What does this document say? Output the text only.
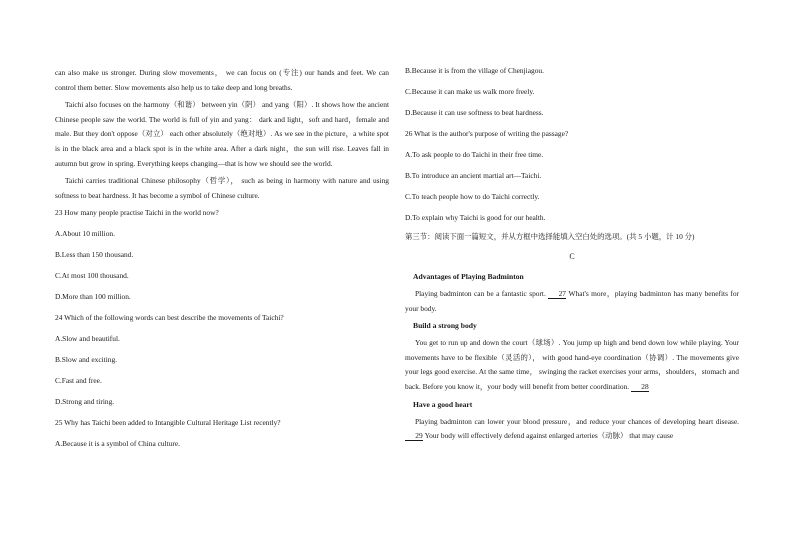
can also make us stronger. During slow movements， we can focus on (专注) our hands and feet. We can control them better. Slow movements also help us to take deep and long breaths.

Taichi also focuses on the harmony（和谐） between yin（阴） and yang（阳）. It shows how the ancient Chinese people saw the world. The world is full of yin and yang： dark and light，soft and hard，female and male. But they don't oppose（对立） each other absolutely（绝对地）. As we see in the picture，a white spot is in the black area and a black spot is in the white area. After a dark night，the sun will rise. Leaves fall in autumn but grow in spring. Everything keeps changing—that is how we should see the world.

Taichi carries traditional Chinese philosophy（哲学）， such as being in harmony with nature and using softness to beat hardness. It has become a symbol of Chinese culture.

23 How many people practise Taichi in the world now?

A.About 10 million.

B.Less than 150 thousand.

C.At most 100 thousand.

D.More than 100 million.

24 Which of the following words can best describe the movements of Taichi?

A.Slow and beautiful.

B.Slow and exciting.

C.Fast and free.

D.Strong and tiring.

25 Why has Taichi been added to Intangible Cultural Heritage List recently?

A.Because it is a symbol of China culture.

B.Because it is from the village of Chenjiagou.

C.Because it can make us walk more freely.

D.Because it can use softness to beat hardness.

26 What is the author's purpose of writing the passage?

A.To ask people to do Taichi in their free time.

B.To introduce an ancient martial art—Taichi.

C.To teach people how to do Taichi correctly.

D.To explain why Taichi is good for our health.

第三节：阅读下面一篇短文，并从方框中选择能填入空白处的选项。(共 5 小题，计 10 分)

C

Advantages of Playing Badminton

Playing badminton can be a fantastic sport. 27 What's more，playing badminton has many benefits for your body.

Build a strong body

You get to run up and down the court（球场）. You jump up high and bend down low while playing. Your movements have to be flexible（灵活的）， with good hand-eye coordination（协调）. The movements give your legs good exercise. At the same time， swinging the racket exercises your arms，shoulders，stomach and back. Before you know it，your body will benefit from better coordination. 28

Have a good heart

Playing badminton can lower your blood pressure，and reduce your chances of developing heart disease. 29 Your body will effectively defend against enlarged arteries（动脉） that may cause
